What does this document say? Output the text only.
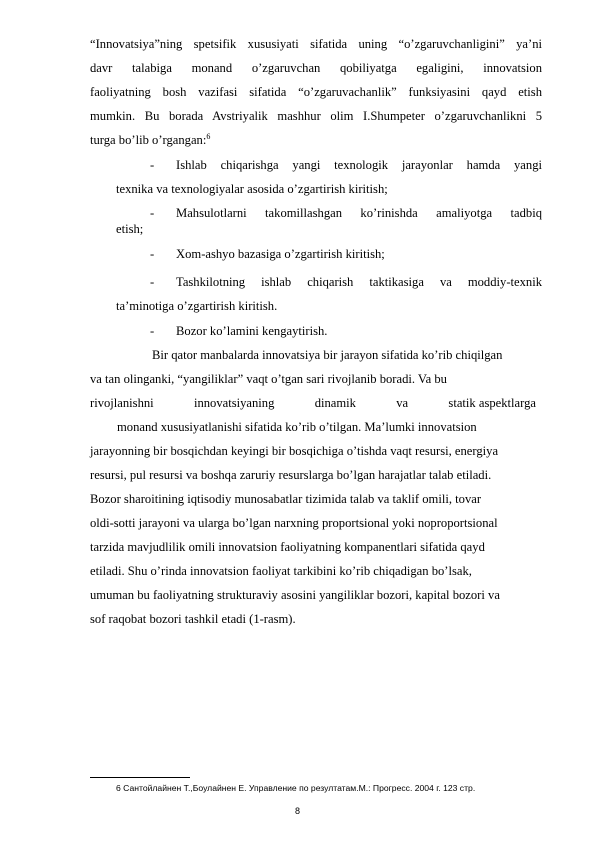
“Innovatsiya”ning spetsifik xususiyati sifatida uning “o’zgaruvchanligini” ya’ni
davr talabiga monand o’zgaruvchan qobiliyatga egaligini, innovatsion
faoliyatning bosh vazifasi sifatida “o’zgaruvachanlik” funksiyasini qayd etish
mumkin. Bu borada Avstriyalik mashhur olim I.Shumpeter o’zgaruvchanlikni 5
turga bo’lib o’rgangan:$^6$
- Ishlab chiqarishga yangi texnologik jarayonlar hamda yangi
texnika va texnologiyalar asosida o’zgartirish kiritish;
- Mahsulotlarni takomillashgan ko’rinishda amaliyotga tadbiq
etish;
- Xom-ashyo bazasiga o’zgartirish kiritish;
- Tashkilotning ishlab chiqarish taktikasiga va moddiy-texnik
ta’minotiga o’zgartirish kiritish.
- Bozor ko’lamini kengaytirish.
Bir qator manbalarda innovatsiya bir jarayon sifatida ko’rib chiqilgan
va tan olinganki, “yangiliklar” vaqt o’tgan sari rivojlanib boradi. Va bu
rivojlanishni	innovatsiyaning	dinamik	va	statik aspektlarga
monand xususiyatlanishi sifatida ko’rib o’tilgan. Ma’lumki innovatsion
jarayonning bir bosqichdan keyingi bir bosqichiga o’tishda vaqt resursi, energiya
resursi, pul resursi va boshqa zaruriy resurslarga bo’lgan harajatlar talab etiladi.
Bozor sharoitining iqtisodiy munosabatlar tizimida talab va taklif omili, tovar
oldi-sotti jarayoni va ularga bo’lgan narxning proportsional yoki noproportsional
tarzida mavjudlilik omili innovatsion faoliyatning kompanentlari sifatida qayd
etiladi. Shu o’rinda innovatsion faoliyat tarkibini ko’rib chiqadigan bo’lsak,
umuman bu faoliyatning strukturaviy asosini yangiliklar bozori, kapital bozori va
sof raqobat bozori tashkil etadi (1-rasm).
6 Сантойлайнен Т.,Боулайнен Е. Управление по резултатам.М.: Прогресс. 2004 г. 123 стр.
8
